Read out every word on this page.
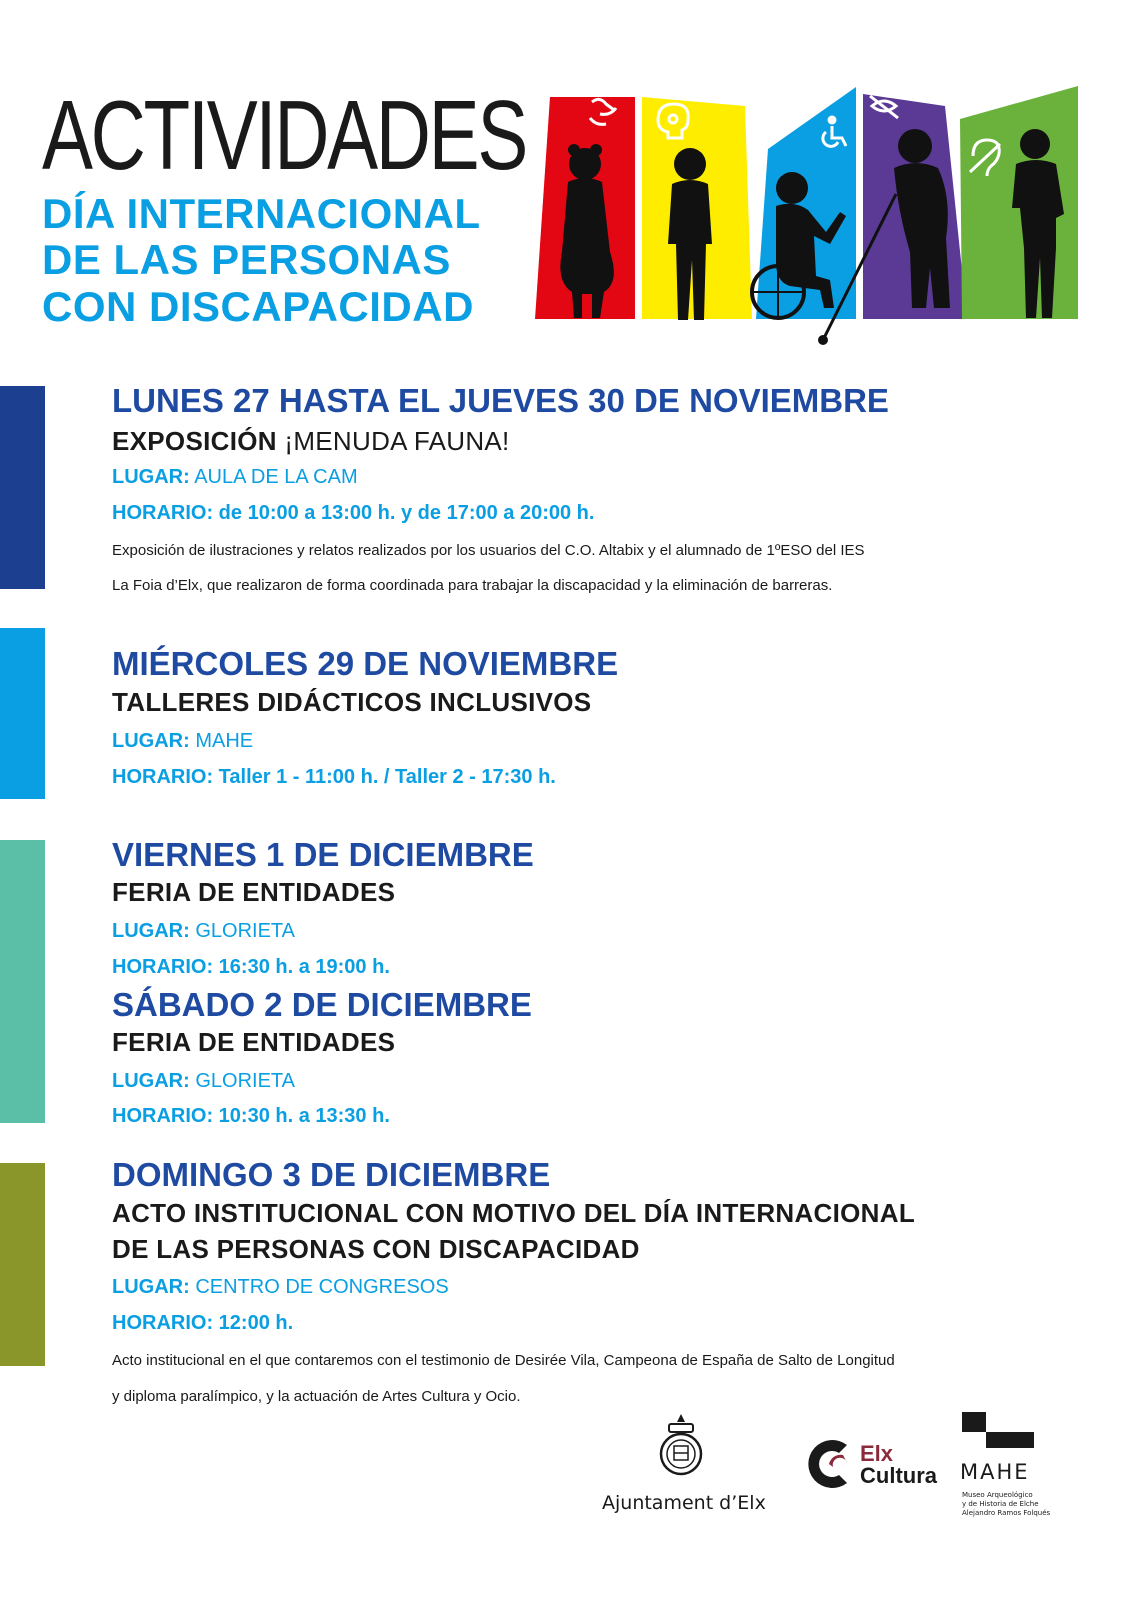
ACTIVIDADES
DÍA INTERNACIONAL
DE LAS PERSONAS
CON DISCAPACIDAD
LUNES 27 HASTA EL JUEVES 30 DE NOVIEMBRE
EXPOSICIÓN ¡MENUDA FAUNA!
LUGAR: AULA DE LA CAM
HORARIO: de 10:00 a 13:00 h. y de 17:00 a 20:00 h.
Exposición de ilustraciones y relatos realizados por los usuarios del C.O. Altabix y el alumnado de 1ºESO del IES
La Foia d’Elx, que realizaron de forma coordinada para trabajar la discapacidad y la eliminación de barreras.
MIÉRCOLES 29 DE NOVIEMBRE
TALLERES DIDÁCTICOS INCLUSIVOS
LUGAR: MAHE
HORARIO: Taller 1 - 11:00 h. / Taller 2 - 17:30 h.
VIERNES 1 DE DICIEMBRE
FERIA DE ENTIDADES
LUGAR: GLORIETA
HORARIO: 16:30 h. a 19:00 h.
SÁBADO 2 DE DICIEMBRE
FERIA DE ENTIDADES
LUGAR: GLORIETA
HORARIO: 10:30 h. a 13:30 h.
DOMINGO 3 DE DICIEMBRE
ACTO INSTITUCIONAL CON MOTIVO DEL DÍA INTERNACIONAL
DE LAS PERSONAS CON DISCAPACIDAD
LUGAR: CENTRO DE CONGRESOS
HORARIO: 12:00 h.
Acto institucional en el que contaremos con el testimonio de Desirée Vila, Campeona de España de Salto de Longitud
y diploma paralímpico, y la actuación de Artes Cultura y Ocio.
Ajuntament d’Elx
Elx
Cultura MAHE
Museo Arqueológico
y de Historia de Elche
Alejandro Ramos Folqués
